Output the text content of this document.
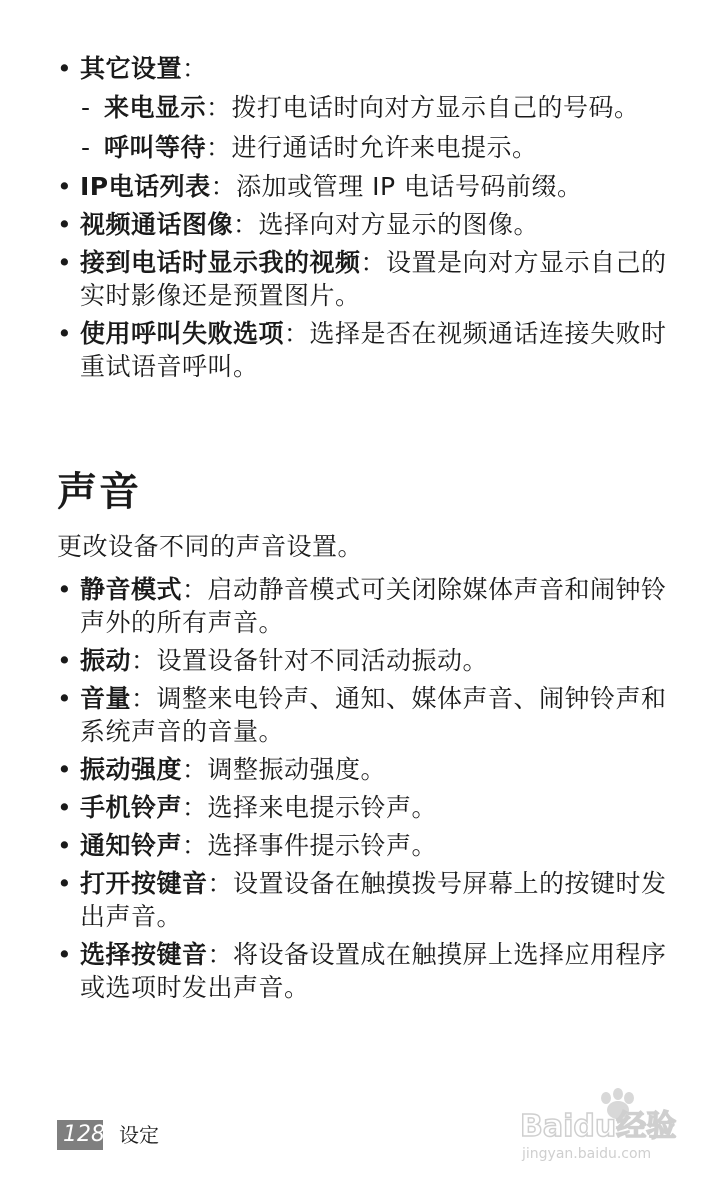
• 其它设置：
- 来电显示：拨打电话时向对方显示自己的号码。
- 呼叫等待：进行通话时允许来电提示。
• IP电话列表：添加或管理 IP 电话号码前缀。
• 视频通话图像：选择向对方显示的图像。
• 接到电话时显示我的视频：设置是向对方显示自己的实时影像还是预置图片。
• 使用呼叫失败选项：选择是否在视频通话连接失败时重试语音呼叫。
声音
更改设备不同的声音设置。
• 静音模式：启动静音模式可关闭除媒体声音和闹钟铃声外的所有声音。
• 振动：设置设备针对不同活动振动。
• 音量：调整来电铃声、通知、媒体声音、闹钟铃声和系统声音的音量。
• 振动强度：调整振动强度。
• 手机铃声：选择来电提示铃声。
• 通知铃声：选择事件提示铃声。
• 打开按键音：设置设备在触摸拨号屏幕上的按键时发出声音。
• 选择按键音：将设备设置成在触摸屏上选择应用程序或选项时发出声音。
128 设定	Baidu经验
jingyan.baidu.com
